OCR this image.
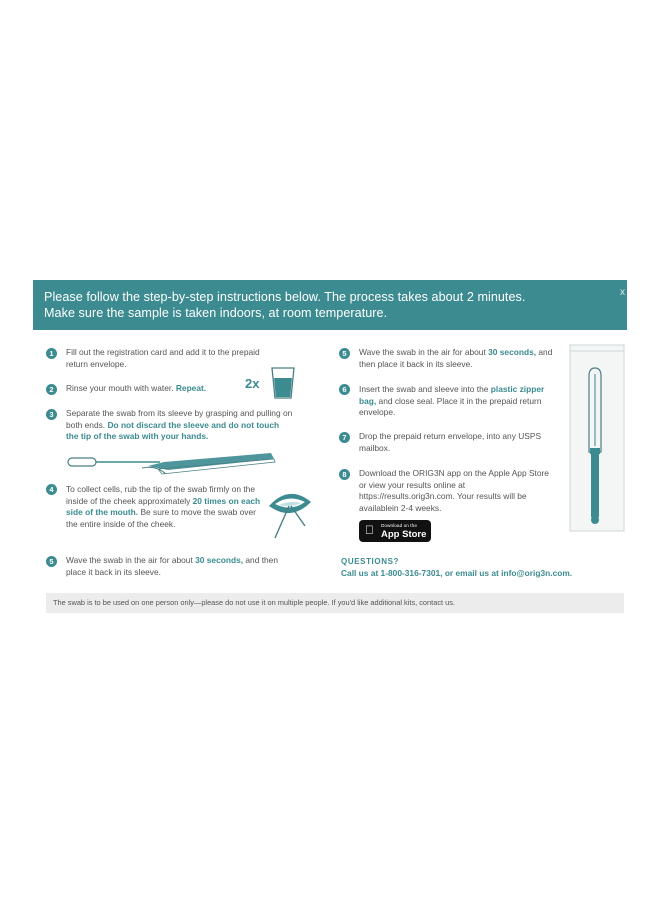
Please follow the step-by-step instructions below. The process takes about 2 minutes.
Make sure the sample is taken indoors, at room temperature.
x
1	Fill out the registration card and add it to the prepaid return envelope.
2	Rinse your mouth with water. Repeat.	2x
3	Separate the swab from its sleeve by grasping and pulling on both ends. Do not discard the sleeve and do not touch the tip of the swab with your hands.
4	To collect cells, rub the tip of the swab firmly on the inside of the cheek approximately 20 times on each side of the mouth. Be sure to move the swab over the entire inside of the cheek.
5	Wave the swab in the air for about 30 seconds, and then place it back in its sleeve.
5	Wave the swab in the air for about 30 seconds, and then place it back in its sleeve.
6	Insert the swab and sleeve into the plastic zipper bag, and close seal. Place it in the prepaid return envelope.
7	Drop the prepaid return envelope, into any USPS mailbox.
8	Download the ORIG3N app on the Apple App Store or view your results online at https://results.orig3n.com. Your results will be availablein 2-4 weeks.
Download on the
App Store
QUESTIONS?
Call us at 1-800-316-7301, or email us at info@orig3n.com.
The swab is to be used on one person only—please do not use it on multiple people. If you'd like additional kits, contact us.
